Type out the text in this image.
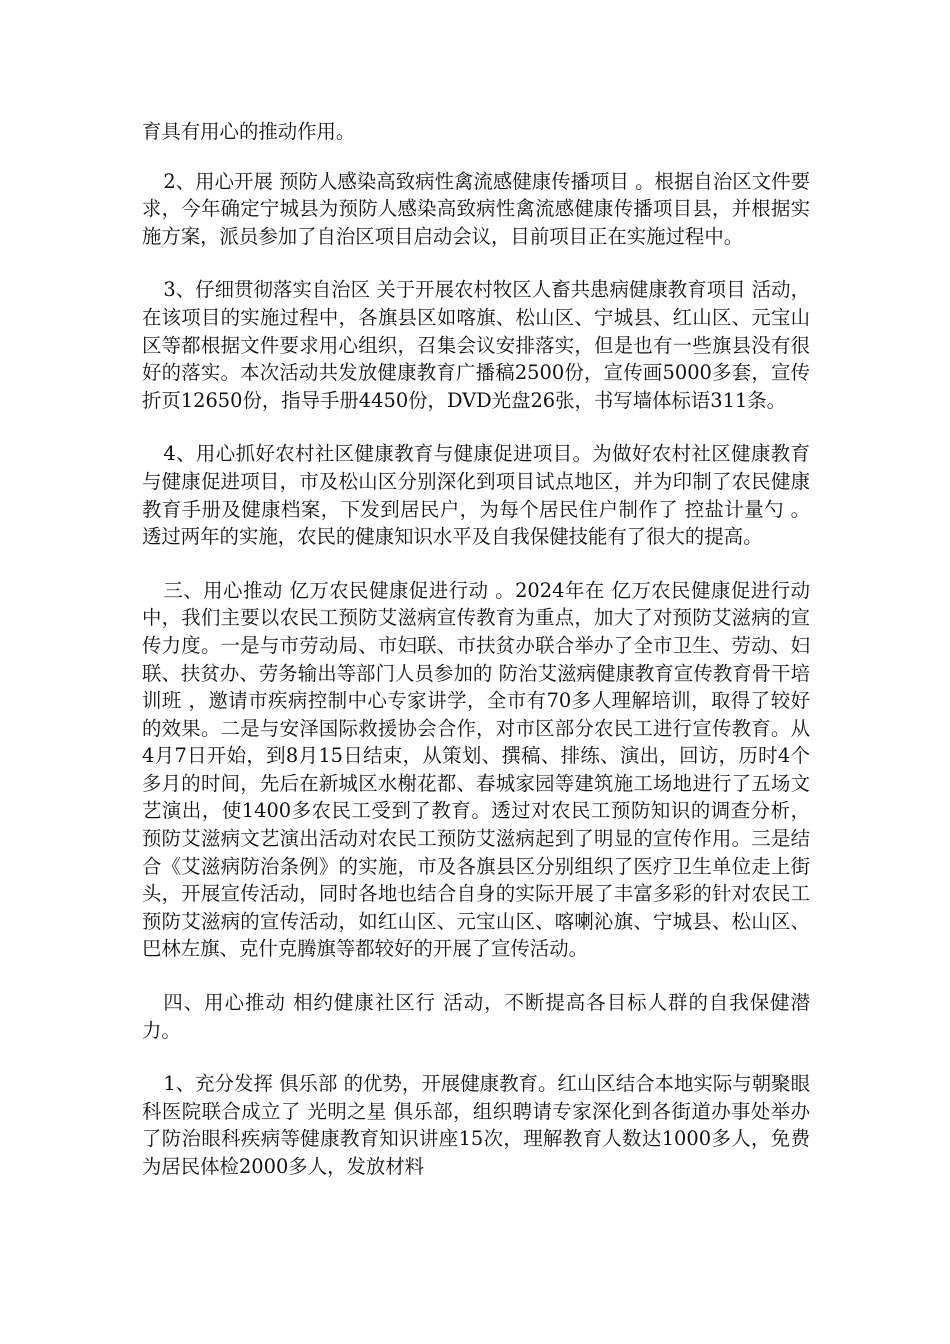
育具有用心的推动作用。

2、用心开展 预防人感染高致病性禽流感健康传播项目 。根据自治区文件要求，今年确定宁城县为预防人感染高致病性禽流感健康传播项目县，并根据实施方案，派员参加了自治区项目启动会议，目前项目正在实施过程中。

3、仔细贯彻落实自治区 关于开展农村牧区人畜共患病健康教育项目 活动，在该项目的实施过程中，各旗县区如喀旗、松山区、宁城县、红山区、元宝山区等都根据文件要求用心组织，召集会议安排落实，但是也有一些旗县没有很好的落实。本次活动共发放健康教育广播稿2500份，宣传画5000多套，宣传折页12650份，指导手册4450份，DVD光盘26张，书写墙体标语311条。

4、用心抓好农村社区健康教育与健康促进项目。为做好农村社区健康教育与健康促进项目，市及松山区分别深化到项目试点地区，并为印制了农民健康教育手册及健康档案，下发到居民户，为每个居民住户制作了 控盐计量勺 。透过两年的实施，农民的健康知识水平及自我保健技能有了很大的提高。

三、用心推动 亿万农民健康促进行动 。2024年在 亿万农民健康促进行动 中，我们主要以农民工预防艾滋病宣传教育为重点，加大了对预防艾滋病的宣传力度。一是与市劳动局、市妇联、市扶贫办联合举办了全市卫生、劳动、妇联、扶贫办、劳务输出等部门人员参加的 防治艾滋病健康教育宣传教育骨干培训班 ，邀请市疾病控制中心专家讲学，全市有70多人理解培训，取得了较好的效果。二是与安泽国际救援协会合作，对市区部分农民工进行宣传教育。从4月7日开始，到8月15日结束，从策划、撰稿、排练、演出，回访，历时4个多月的时间，先后在新城区水榭花都、春城家园等建筑施工场地进行了五场文艺演出，使1400多农民工受到了教育。透过对农民工预防知识的调查分析，预防艾滋病文艺演出活动对农民工预防艾滋病起到了明显的宣传作用。三是结合《艾滋病防治条例》的实施，市及各旗县区分别组织了医疗卫生单位走上街头，开展宣传活动，同时各地也结合自身的实际开展了丰富多彩的针对农民工预防艾滋病的宣传活动，如红山区、元宝山区、喀喇沁旗、宁城县、松山区、巴林左旗、克什克腾旗等都较好的开展了宣传活动。

四、用心推动 相约健康社区行 活动，不断提高各目标人群的自我保健潜力。

1、充分发挥 俱乐部 的优势，开展健康教育。红山区结合本地实际与朝聚眼科医院联合成立了 光明之星 俱乐部，组织聘请专家深化到各街道办事处举办了防治眼科疾病等健康教育知识讲座15次，理解教育人数达1000多人，免费为居民体检2000多人，发放材料
